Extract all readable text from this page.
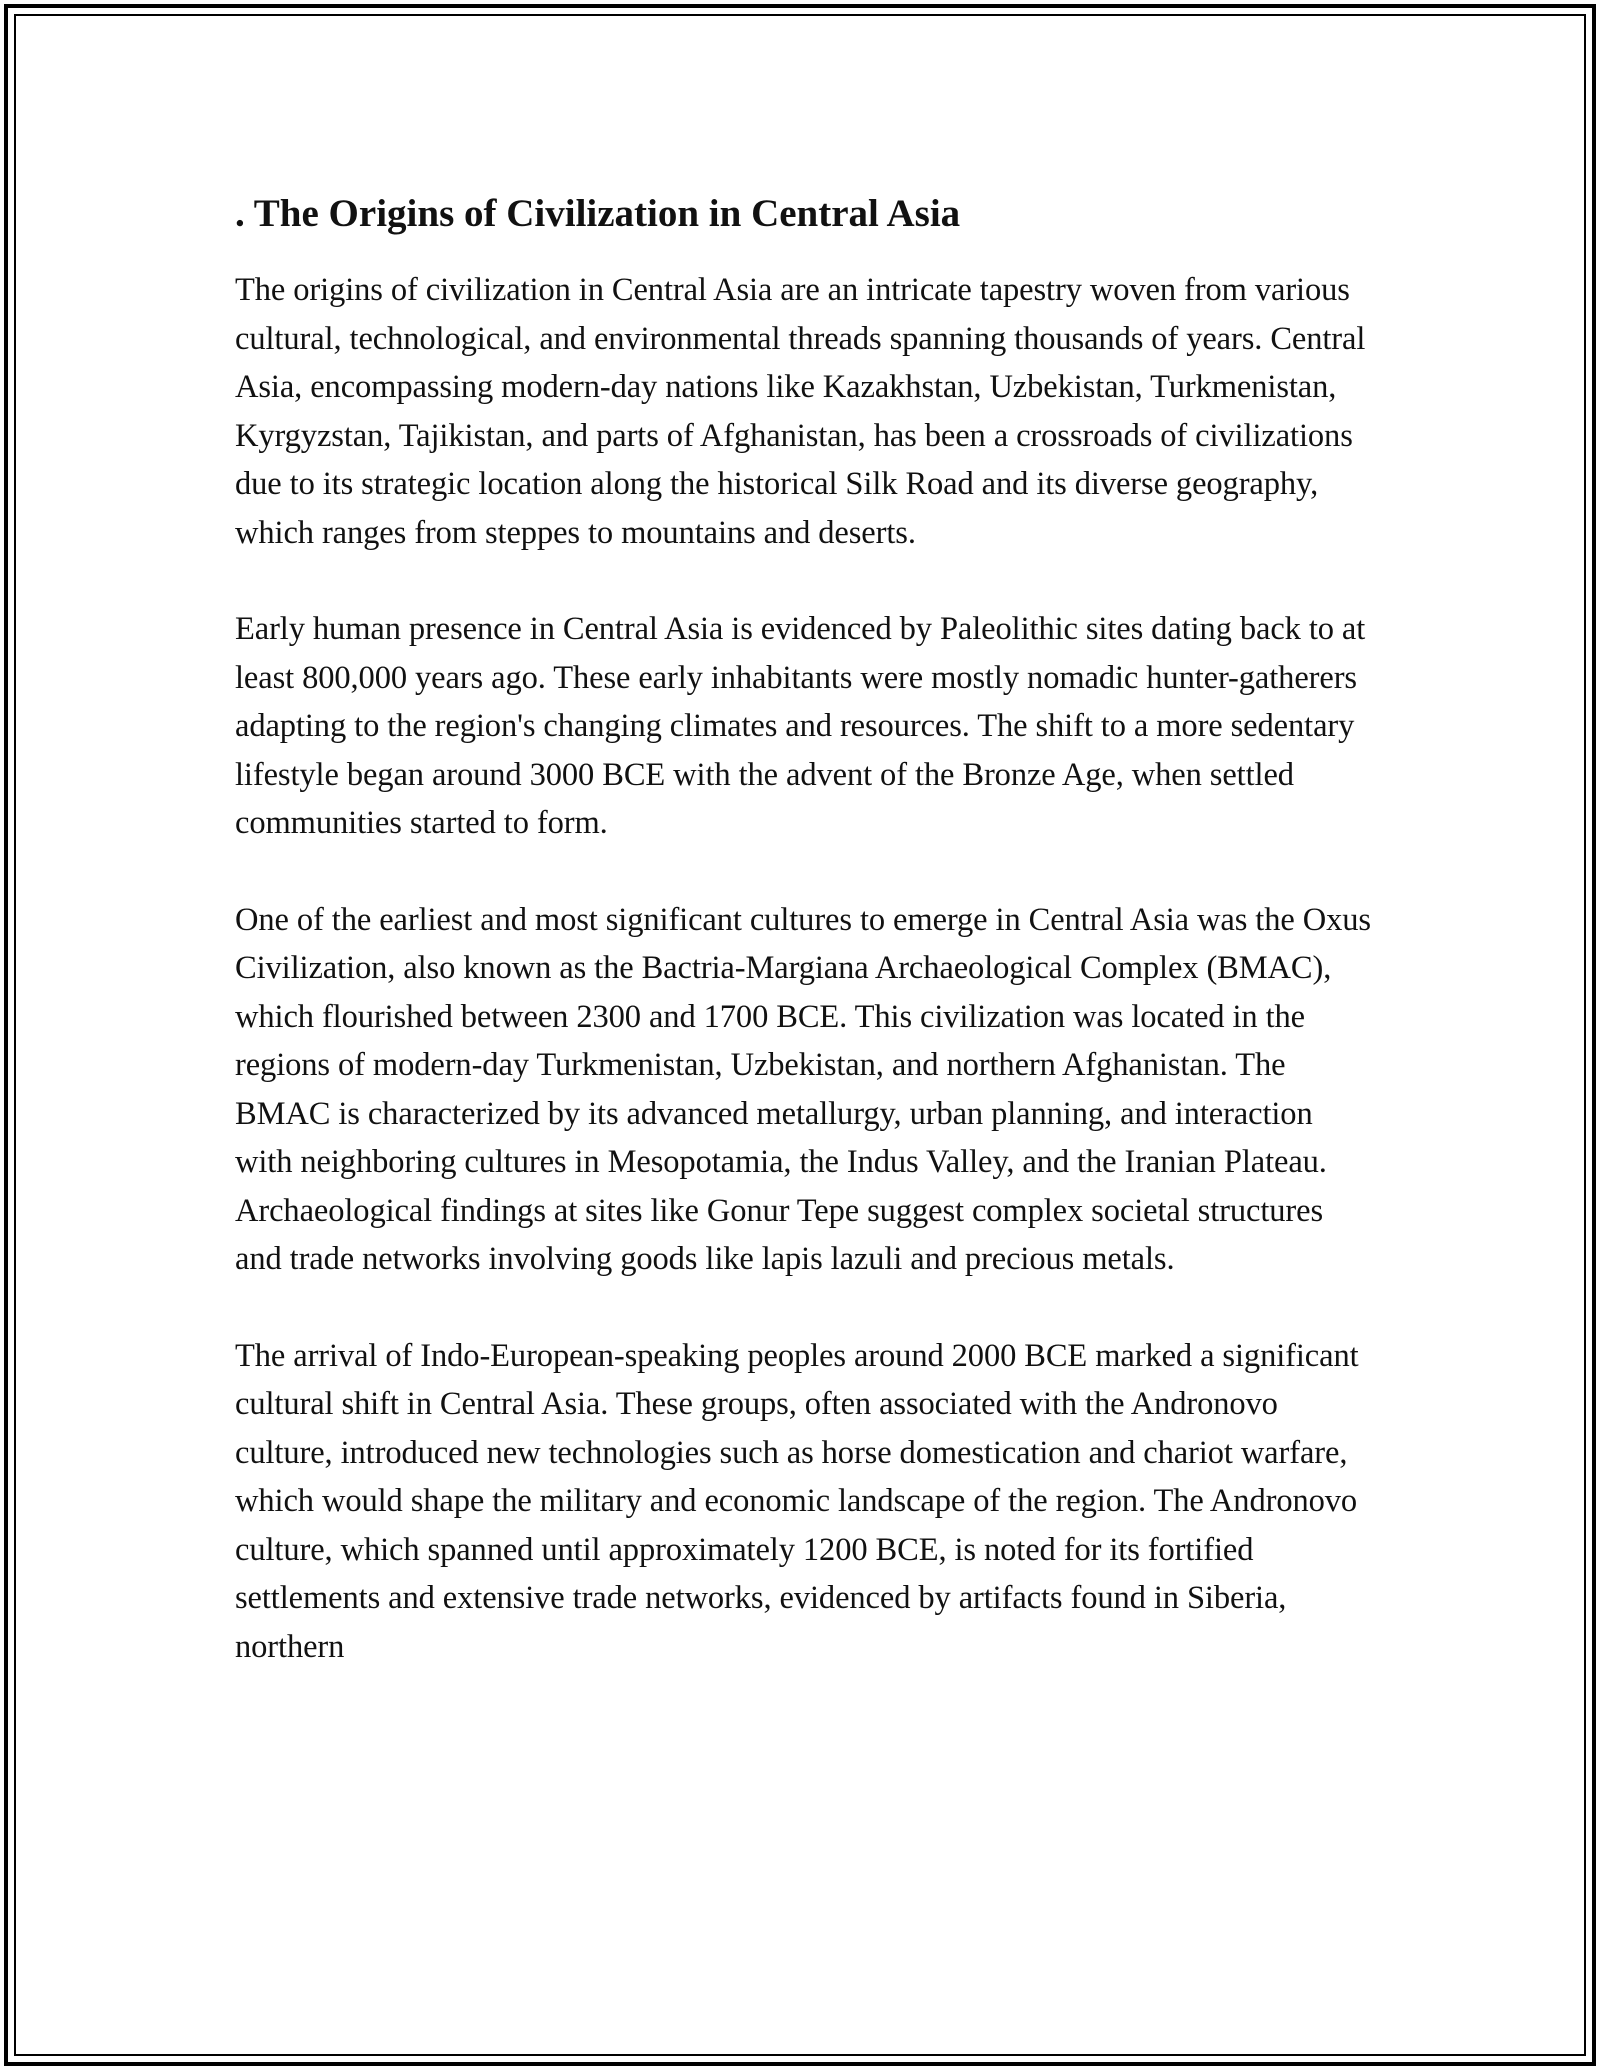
. The Origins of Civilization in Central Asia

The origins of civilization in Central Asia are an intricate tapestry woven from various cultural, technological, and environmental threads spanning thousands of years. Central Asia, encompassing modern-day nations like Kazakhstan, Uzbekistan, Turkmenistan, Kyrgyzstan, Tajikistan, and parts of Afghanistan, has been a crossroads of civilizations due to its strategic location along the historical Silk Road and its diverse geography, which ranges from steppes to mountains and deserts.

Early human presence in Central Asia is evidenced by Paleolithic sites dating back to at least 800,000 years ago. These early inhabitants were mostly nomadic hunter-gatherers adapting to the region's changing climates and resources. The shift to a more sedentary lifestyle began around 3000 BCE with the advent of the Bronze Age, when settled communities started to form.

One of the earliest and most significant cultures to emerge in Central Asia was the Oxus Civilization, also known as the Bactria-Margiana Archaeological Complex (BMAC), which flourished between 2300 and 1700 BCE. This civilization was located in the regions of modern-day Turkmenistan, Uzbekistan, and northern Afghanistan. The BMAC is characterized by its advanced metallurgy, urban planning, and interaction with neighboring cultures in Mesopotamia, the Indus Valley, and the Iranian Plateau. Archaeological findings at sites like Gonur Tepe suggest complex societal structures and trade networks involving goods like lapis lazuli and precious metals.

The arrival of Indo-European-speaking peoples around 2000 BCE marked a significant cultural shift in Central Asia. These groups, often associated with the Andronovo culture, introduced new technologies such as horse domestication and chariot warfare, which would shape the military and economic landscape of the region. The Andronovo culture, which spanned until approximately 1200 BCE, is noted for its fortified settlements and extensive trade networks, evidenced by artifacts found in Siberia, northern
